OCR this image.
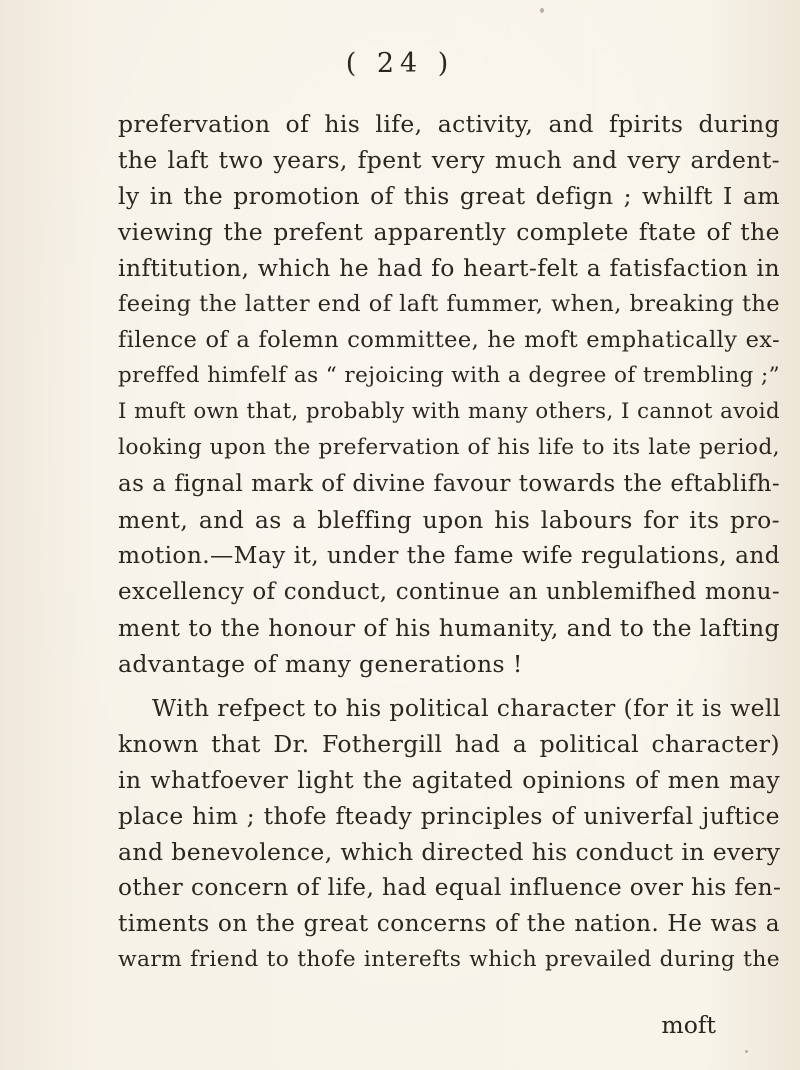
( 24 )
prefervation of his life, activity, and fpirits during
the laft two years, fpent very much and very ardent-
ly in the promotion of this great defign ; whilft I am
viewing the prefent apparently complete ftate of the
inftitution, which he had fo heart-felt a fatisfaction in
feeing the latter end of laft fummer, when, breaking the
filence of a folemn committee, he moft emphatically ex-
preffed himfelf as “ rejoicing with a degree of trembling ;”
I muft own that, probably with many others, I cannot avoid
looking upon the prefervation of his life to its late period,
as a fignal mark of divine favour towards the eftablifh-
ment, and as a bleffing upon his labours for its pro-
motion.—May it, under the fame wife regulations, and
excellency of conduct, continue an unblemifhed monu-
ment to the honour of his humanity, and to the lafting
advantage of many generations !
With refpect to his political character (for it is well
known that Dr. Fothergill had a political character)
in whatfoever light the agitated opinions of men may
place him ; thofe fteady principles of univerfal juftice
and benevolence, which directed his conduct in every
other concern of life, had equal influence over his fen-
timents on the great concerns of the nation. He was a
warm friend to thofe interefts which prevailed during the
moft
